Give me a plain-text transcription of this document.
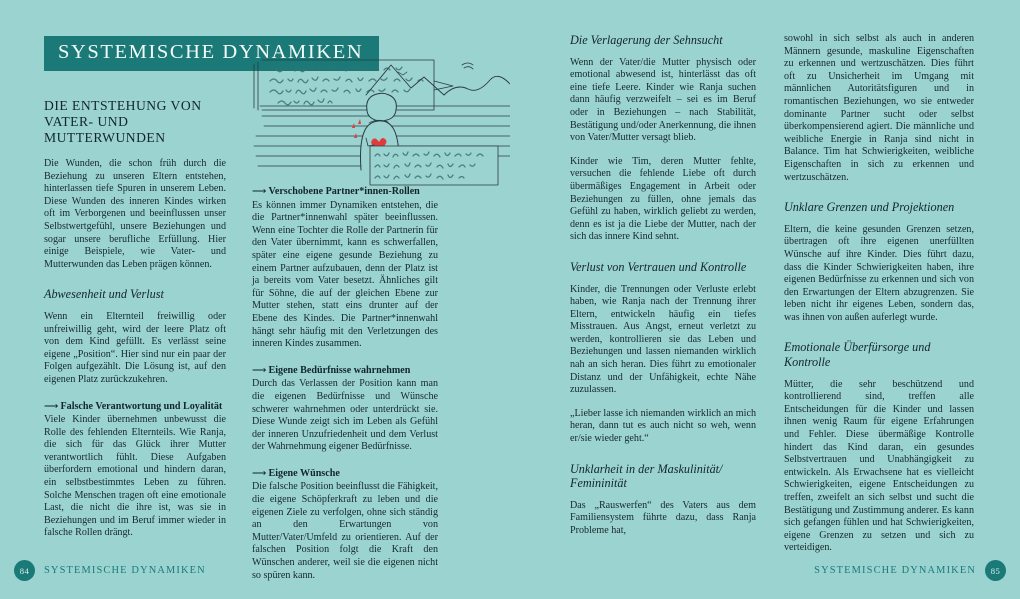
SYSTEMISCHE DYNAMIKEN
DIE ENTSTEHUNG VON VATER- UND MUTTERWUNDEN

Die Wunden, die schon früh durch die Beziehung zu unseren Eltern entstehen, hinterlassen tiefe Spuren in unserem Leben. Diese Wunden des inneren Kindes wirken oft im Verborgenen und beeinflussen unser Selbstwertgefühl, unsere Beziehungen und sogar unsere berufliche Erfüllung. Hier einige Beispiele, wie Vater- und Mutterwunden das Leben prägen können.

Abwesenheit und Verlust

Wenn ein Elternteil freiwillig oder unfreiwillig geht, wird der leere Platz oft von dem Kind gefüllt. Es verlässt seine eigene „Position“. Hier sind nur ein paar der Folgen aufgezählt. Die Lösung ist, auf den eigenen Platz zurückzukehren.

⟶ Falsche Verantwortung und Loyalität

Viele Kinder übernehmen unbewusst die Rolle des fehlenden Elternteils. Wie Ranja, die sich für das Glück ihrer Mutter verantwortlich fühlt. Diese Aufgaben überfordern emotional und hindern daran, ein selbstbestimmtes Leben zu führen. Solche Menschen tragen oft eine emotionale Last, die nicht die ihre ist, was sie in Beziehungen und im Beruf immer wieder in falsche Rollen drängt.

⟶ Verschobene Partner*innen-Rollen

Es können immer Dynamiken entstehen, die die Partner*innenwahl später beeinflussen. Wenn eine Tochter die Rolle der Partnerin für den Vater übernimmt, kann es schwerfallen, später eine eigene gesunde Beziehung zu einem Partner aufzubauen, denn der Platz ist ja bereits vom Vater besetzt. Ähnliches gilt für Söhne, die auf der gleichen Ebene zur Mutter stehen, statt eins drunter auf der Ebene des Kindes. Die Partner*innenwahl hängt sehr häufig mit den Verletzungen des inneren Kindes zusammen.

⟶ Eigene Bedürfnisse wahrnehmen

Durch das Verlassen der Position kann man die eigenen Bedürfnisse und Wünsche schwerer wahrnehmen oder unterdrückt sie. Diese Wunde zeigt sich im Leben als Gefühl der inneren Unzufriedenheit und dem Verlust der Wahrnehmung eigener Bedürfnisse.

⟶ Eigene Wünsche

Die falsche Position beeinflusst die Fähigkeit, die eigene Schöpferkraft zu leben und die eigenen Ziele zu verfolgen, ohne sich ständig an den Erwartungen von Mutter/Vater/Umfeld zu orientieren. Auf der falschen Position folgt die Kraft den Wünschen anderer, weil sie die eigenen nicht so spüren kann.

84	SYSTEMISCHE DYNAMIKEN
Die Verlagerung der Sehnsucht

Wenn der Vater/die Mutter physisch oder emotional abwesend ist, hinterlässt das oft eine tiefe Leere. Kinder wie Ranja suchen dann häufig verzweifelt – sei es im Beruf oder in Beziehungen – nach Stabilität, Bestätigung und/oder Anerkennung, die ihnen von Vater/Mutter versagt blieb.

Kinder wie Tim, deren Mutter fehlte, versuchen die fehlende Liebe oft durch übermäßiges Engagement in Arbeit oder Beziehungen zu füllen, ohne jemals das Gefühl zu haben, wirklich geliebt zu werden, denn es ist ja die Liebe der Mutter, nach der sich das innere Kind sehnt.

Verlust von Vertrauen und Kontrolle

Kinder, die Trennungen oder Verluste erlebt haben, wie Ranja nach der Trennung ihrer Eltern, entwickeln häufig ein tiefes Misstrauen. Aus Angst, erneut verletzt zu werden, kontrollieren sie das Leben und Beziehungen und lassen niemanden wirklich nah an sich heran. Dies führt zu emotionaler Distanz und der Unfähigkeit, echte Nähe zuzulassen.

„Lieber lasse ich niemanden wirklich an mich heran, dann tut es auch nicht so weh, wenn er/sie wieder geht.“

Unklarheit in der Maskulinität/ Femininität

Das „Rauswerfen“ des Vaters aus dem Familiensystem führte dazu, dass Ranja Probleme hat,

sowohl in sich selbst als auch in anderen Männern gesunde, maskuline Eigenschaften zu erkennen und wertzuschätzen. Dies führt oft zu Unsicherheit im Umgang mit männlichen Autoritätsfiguren und in romantischen Beziehungen, wo sie entweder dominante Partner sucht oder selbst überkompensierend agiert. Die männliche und weibliche Energie in Ranja sind nicht in Balance. Tim hat Schwierigkeiten, weibliche Eigenschaften in sich zu erkennen und wertzuschätzen.

Unklare Grenzen und Projektionen

Eltern, die keine gesunden Grenzen setzen, übertragen oft ihre eigenen unerfüllten Wünsche auf ihre Kinder. Dies führt dazu, dass die Kinder Schwierigkeiten haben, ihre eigenen Bedürfnisse zu erkennen und sich von den Erwartungen der Eltern abzugrenzen. Sie leben nicht ihr eigenes Leben, sondern das, was ihnen von außen auferlegt wurde.

Emotionale Überfürsorge und Kontrolle

Mütter, die sehr beschützend und kontrollierend sind, treffen alle Entscheidungen für die Kinder und lassen ihnen wenig Raum für eigene Erfahrungen und Fehler. Diese übermäßige Kontrolle hindert das Kind daran, ein gesundes Selbstvertrauen und Unabhängigkeit zu entwickeln. Als Erwachsene hat es vielleicht Schwierigkeiten, eigene Entscheidungen zu treffen, zweifelt an sich selbst und sucht die Bestätigung und Zustimmung anderer. Es kann sich gefangen fühlen und hat Schwierigkeiten, eigene Grenzen zu setzen und sich zu verteidigen.

SYSTEMISCHE DYNAMIKEN	85
